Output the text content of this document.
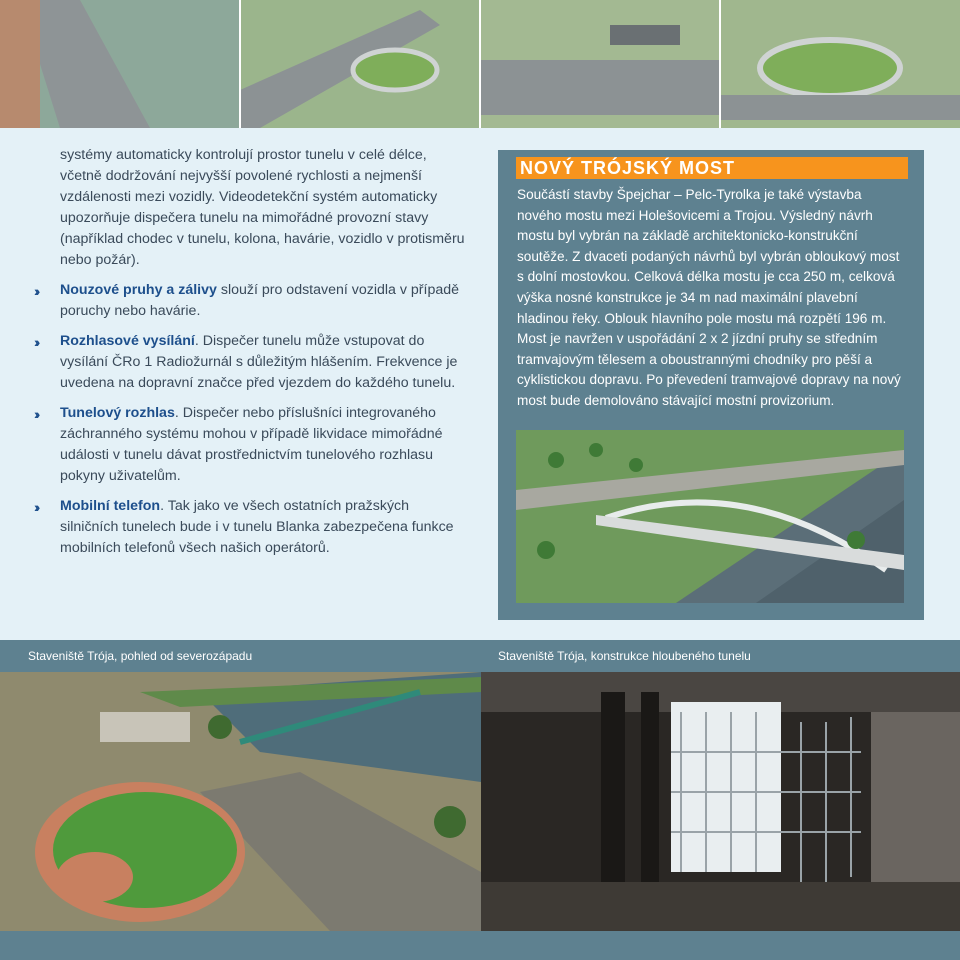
systémy automaticky kontrolují prostor tunelu v celé délce, včetně dodržování nejvyšší povolené rychlosti a nejmenší vzdálenosti mezi vozidly. Videodetekční systém automaticky upozorňuje dispečera tunelu na mimořádné provozní stavy (například chodec v tunelu, kolona, havárie, vozidlo v protisměru nebo požár).

›› Nouzové pruhy a zálivy slouží pro odstavení vozidla v případě poruchy nebo havárie.

›› Rozhlasové vysílání. Dispečer tunelu může vstupovat do vysílání ČRo 1 Radiožurnál s důležitým hlášením. Frekvence je uvedena na dopravní značce před vjezdem do každého tunelu.

›› Tunelový rozhlas. Dispečer nebo příslušníci integrovaného záchranného systému mohou v případě likvidace mimořádné události v tunelu dávat prostřednictvím tunelového rozhlasu pokyny uživatelům.

›› Mobilní telefon. Tak jako ve všech ostatních pražských silničních tunelech bude i v tunelu Blanka zabezpečena funkce mobilních telefonů všech našich operátorů.

NOVÝ TRÓJSKÝ MOST
Součástí stavby Špejchar – Pelc-Tyrolka je také výstavba nového mostu mezi Holešovicemi a Trojou. Výsledný návrh mostu byl vybrán na základě architektonicko-konstrukční soutěže. Z dvaceti podaných návrhů byl vybrán obloukový most s dolní mostovkou. Celková délka mostu je cca 250 m, celková výška nosné konstrukce je 34 m nad maximální plavební hladinou řeky. Oblouk hlavního pole mostu má rozpětí 196 m. Most je navržen v uspořádání 2 x 2 jízdní pruhy se středním tramvajovým tělesem a oboustrannými chodníky pro pěší a cyklistickou dopravu. Po převedení tramvajové dopravy na nový most bude demolováno stávající mostní provizorium.
Staveniště Trója, pohled od severozápadu	Staveniště Trója, konstrukce hloubeného tunelu
